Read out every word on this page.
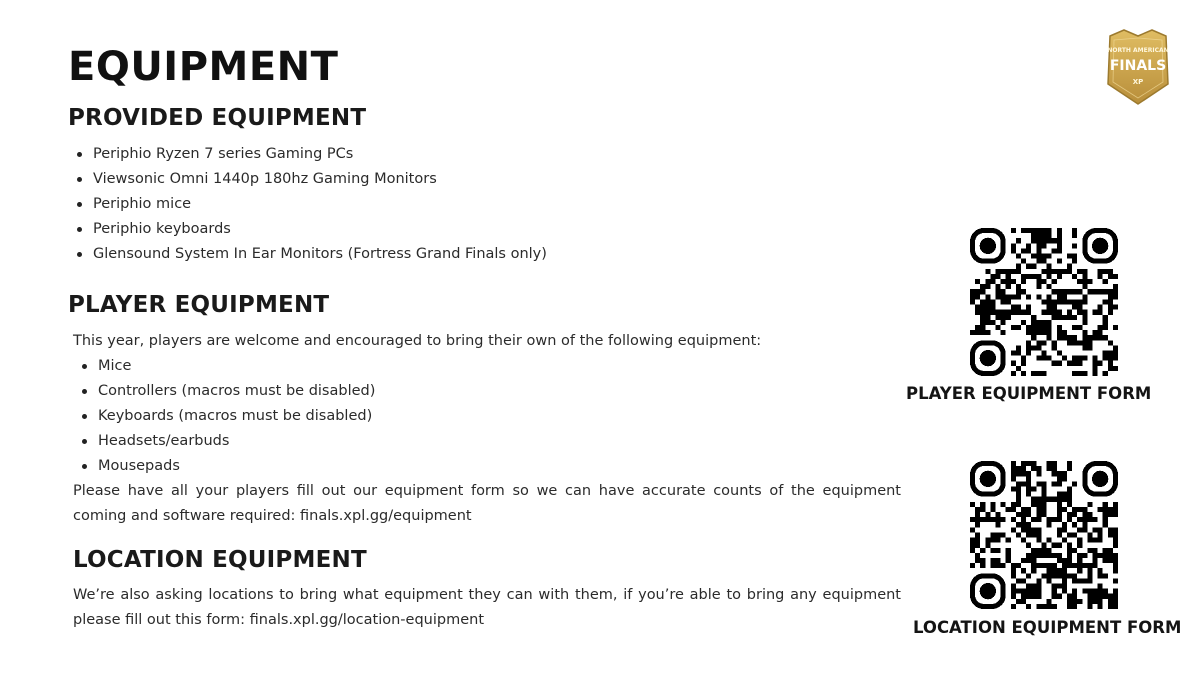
EQUIPMENT
PROVIDED EQUIPMENT
Periphio Ryzen 7 series Gaming PCs
Viewsonic Omni 1440p 180hz Gaming Monitors
Periphio mice
Periphio keyboards
Glensound System In Ear Monitors (Fortress Grand Finals only)
PLAYER EQUIPMENT

This year, players are welcome and encouraged to bring their own of the following equipment:

Mice
Controllers (macros must be disabled)
Keyboards (macros must be disabled)
Headsets/earbuds
Mousepads

Please have all your players fill out our equipment form so we can have accurate counts of the equipment coming and software required: finals.xpl.gg/equipment

LOCATION EQUIPMENT

We’re also asking locations to bring what equipment they can with them, if you’re able to bring any equipment please fill out this form: finals.xpl.gg/location-equipment

PLAYER EQUIPMENT FORM
LOCATION EQUIPMENT FORM
NORTH AMERICAN
FINALS
XP
